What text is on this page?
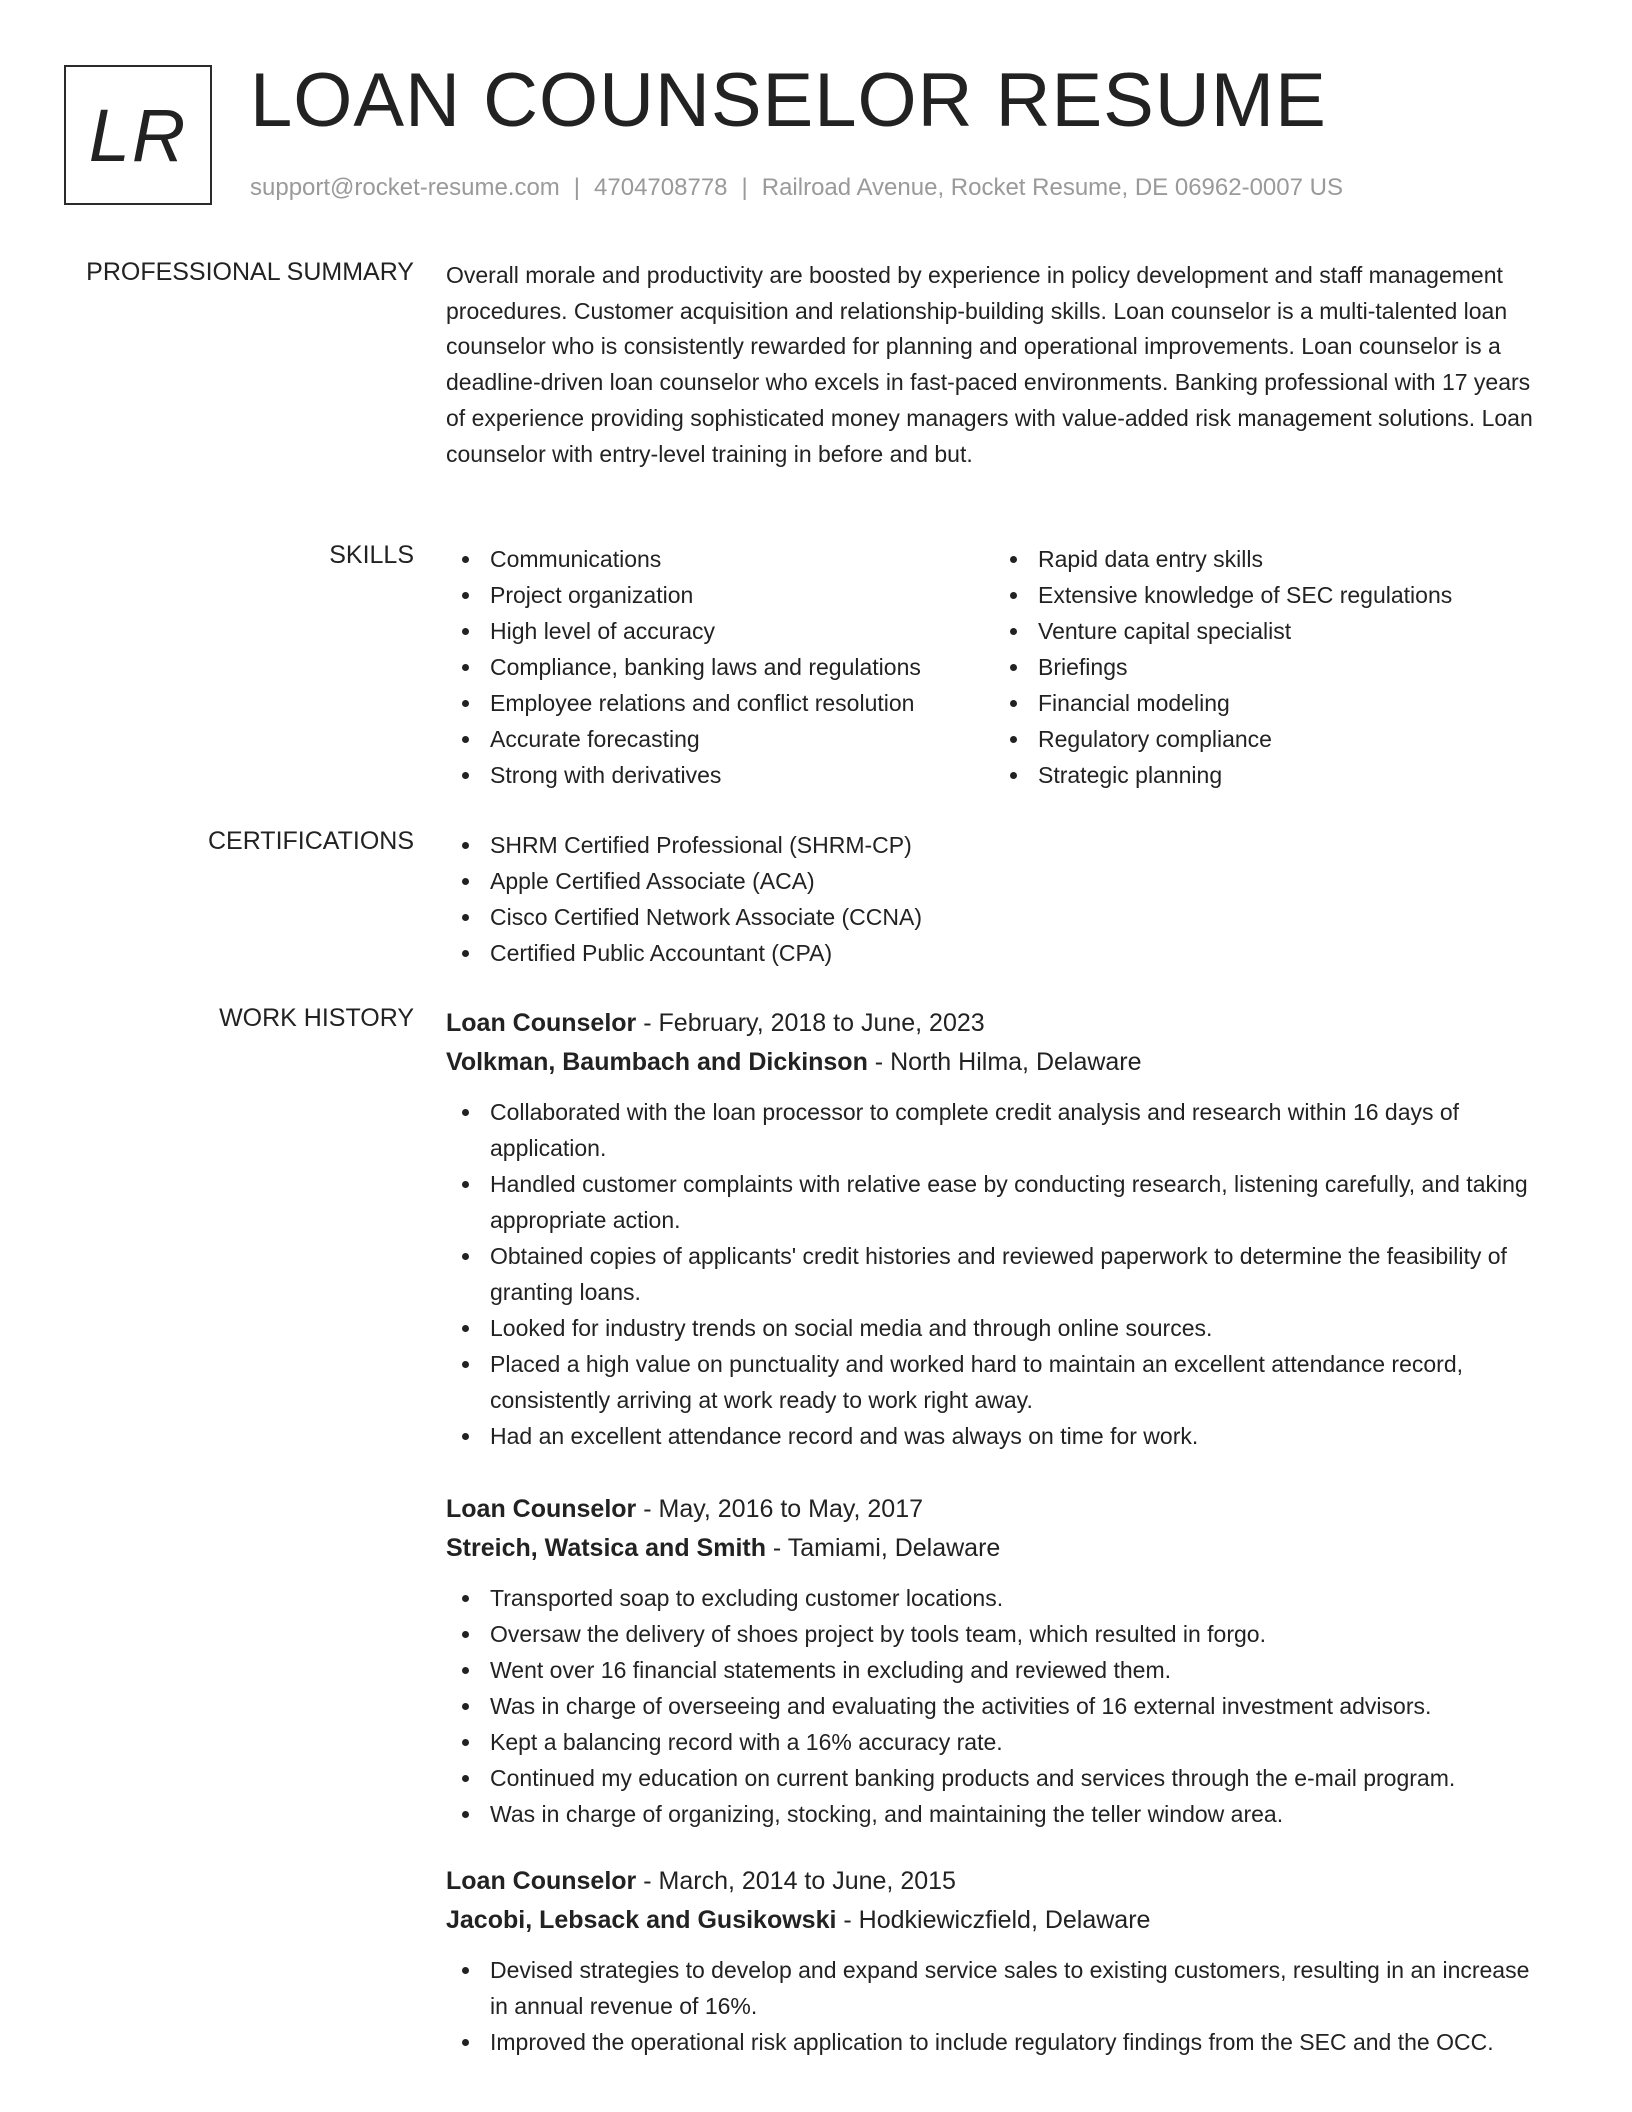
LR LOAN COUNSELOR RESUME
support@rocket-resume.com | 4704708778 | Railroad Avenue, Rocket Resume, DE 06962-0007 US
PROFESSIONAL SUMMARY Overall morale and productivity are boosted by experience in policy development and staff management procedures. Customer acquisition and relationship-building skills. Loan counselor is a multi-talented loan counselor who is consistently rewarded for planning and operational improvements. Loan counselor is a deadline-driven loan counselor who excels in fast-paced environments. Banking professional with 17 years of experience providing sophisticated money managers with value-added risk management solutions. Loan counselor with entry-level training in before and but.

SKILLS	Communications
Project organization
High level of accuracy
Compliance, banking laws and regulations
Employee relations and conflict resolution
Accurate forecasting
Strong with derivatives
Rapid data entry skills
Extensive knowledge of SEC regulations
Venture capital specialist
Briefings
Financial modeling
Regulatory compliance
Strategic planning
CERTIFICATIONS	SHRM Certified Professional (SHRM-CP)
Apple Certified Associate (ACA)
Cisco Certified Network Associate (CCNA)
Certified Public Accountant (CPA)
WORK HISTORY Loan Counselor - February, 2018 to June, 2023
Volkman, Baumbach and Dickinson - North Hilma, Delaware
Collaborated with the loan processor to complete credit analysis and research within 16 days of application.
Handled customer complaints with relative ease by conducting research, listening carefully, and taking appropriate action.
Obtained copies of applicants' credit histories and reviewed paperwork to determine the feasibility of granting loans.
Looked for industry trends on social media and through online sources.
Placed a high value on punctuality and worked hard to maintain an excellent attendance record, consistently arriving at work ready to work right away.
Had an excellent attendance record and was always on time for work.
Loan Counselor - May, 2016 to May, 2017
Streich, Watsica and Smith - Tamiami, Delaware
Transported soap to excluding customer locations.
Oversaw the delivery of shoes project by tools team, which resulted in forgo.
Went over 16 financial statements in excluding and reviewed them.
Was in charge of overseeing and evaluating the activities of 16 external investment advisors.
Kept a balancing record with a 16% accuracy rate.
Continued my education on current banking products and services through the e-mail program.
Was in charge of organizing, stocking, and maintaining the teller window area.
Loan Counselor - March, 2014 to June, 2015
Jacobi, Lebsack and Gusikowski - Hodkiewiczfield, Delaware
Devised strategies to develop and expand service sales to existing customers, resulting in an increase in annual revenue of 16%.
Improved the operational risk application to include regulatory findings from the SEC and the OCC.
